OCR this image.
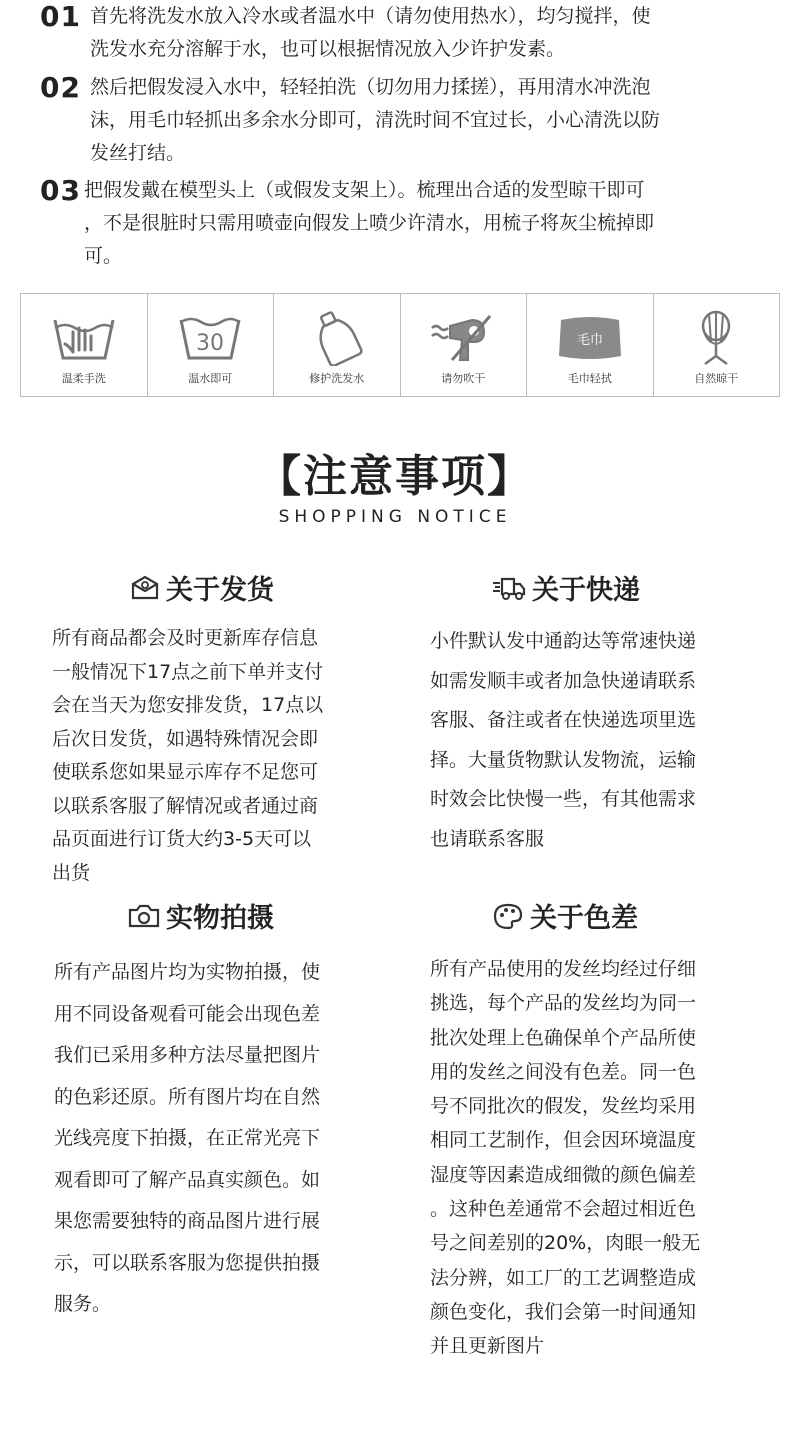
01 首先将洗发水放入冷水或者温水中（请勿使用热水），均匀搅拌，使
洗发水充分溶解于水，也可以根据情况放入少许护发素。
02 然后把假发浸入水中，轻轻拍洗（切勿用力揉搓），再用清水冲洗泡
沫，用毛巾轻抓出多余水分即可，清洗时间不宜过长，小心清洗以防
发丝打结。
03 把假发戴在模型头上（或假发支架上）。梳理出合适的发型晾干即可
，不是很脏时只需用喷壶向假发上喷少许清水，用梳子将灰尘梳掉即
可。
温柔手洗
30
温水即可	修护洗发水	请勿吹干
毛巾
毛巾轻拭	自然晾干
【注意事项】
SHOPPING NOTICE
关于发货
所有商品都会及时更新库存信息
一般情况下17点之前下单并支付
会在当天为您安排发货，17点以
后次日发货，如遇特殊情况会即
使联系您如果显示库存不足您可
以联系客服了解情况或者通过商
品页面进行订货大约3-5天可以
出货
关于快递
小件默认发中通韵达等常速快递
如需发顺丰或者加急快递请联系
客服、备注或者在快递选项里选
择。大量货物默认发物流，运输
时效会比快慢一些，有其他需求
也请联系客服
实物拍摄
所有产品图片均为实物拍摄，使
用不同设备观看可能会出现色差
我们已采用多种方法尽量把图片
的色彩还原。所有图片均在自然
光线亮度下拍摄，在正常光亮下
观看即可了解产品真实颜色。如
果您需要独特的商品图片进行展
示，可以联系客服为您提供拍摄
服务。
关于色差
所有产品使用的发丝均经过仔细
挑选，每个产品的发丝均为同一
批次处理上色确保单个产品所使
用的发丝之间没有色差。同一色
号不同批次的假发，发丝均采用
相同工艺制作，但会因环境温度
湿度等因素造成细微的颜色偏差
。这种色差通常不会超过相近色
号之间差别的20%，肉眼一般无
法分辨，如工厂的工艺调整造成
颜色变化，我们会第一时间通知
并且更新图片
